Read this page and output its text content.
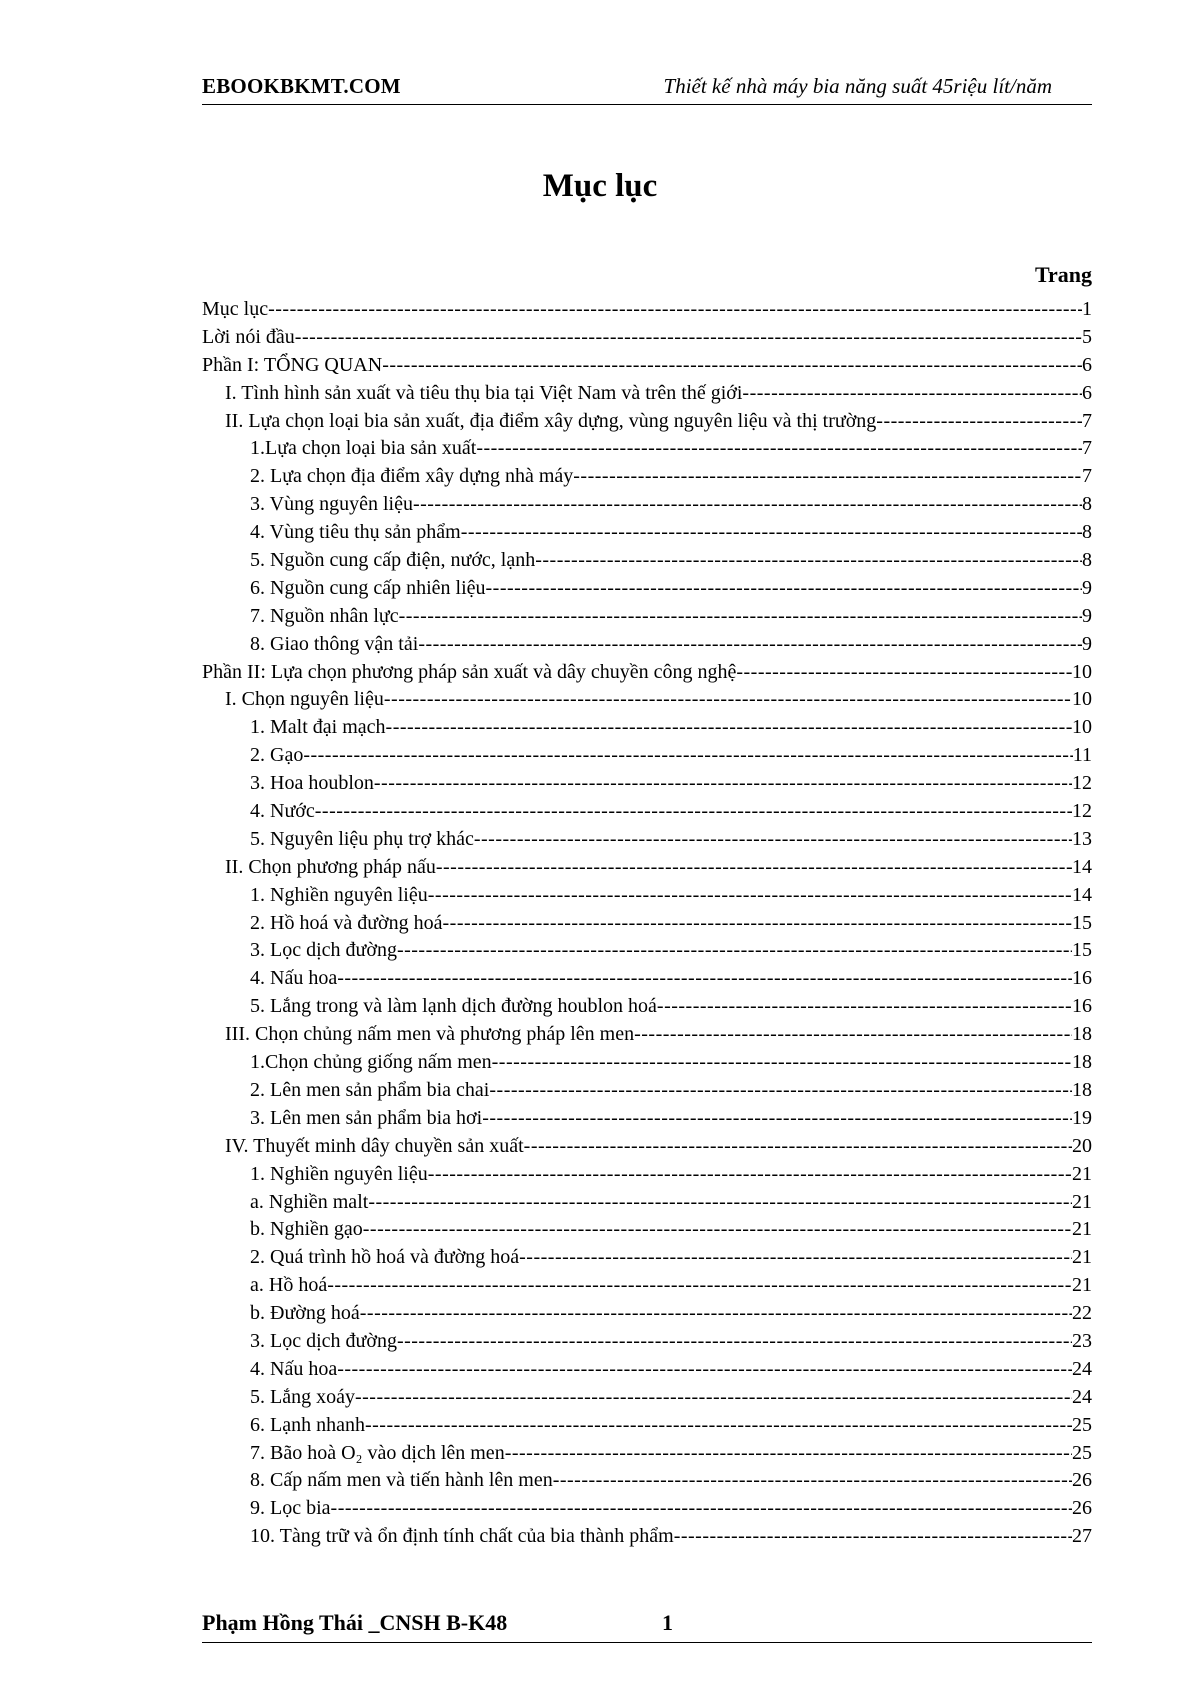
EBOOKBKMT.COM	Thiết kế nhà máy bia năng suất 45riệu lít/năm
Mục lục
Trang
Mục lục -----	1
Lời nói đầu -----	5
Phần I: TỔNG QUAN -----	6
I. Tình hình sản xuất và tiêu thụ bia tại Việt Nam và trên thế giới -----	6
II. Lựa chọn loại bia sản xuất, địa điểm xây dựng, vùng nguyên liệu và thị trường -----	7
1.Lựa chọn loại bia sản xuất -----	7
2. Lựa chọn địa điểm xây dựng nhà máy -----	7
3. Vùng nguyên liệu -----	8
4. Vùng tiêu thụ sản phẩm -----	8
5. Nguồn cung cấp điện, nước, lạnh -----	8
6. Nguồn cung cấp nhiên liệu -----	9
7. Nguồn nhân lực -----	9
8. Giao thông vận tải -----	9
Phần II: Lựa chọn phương pháp sản xuất và dây chuyền công nghệ -----	10
I. Chọn nguyên liệu -----	10
1. Malt đại mạch -----	10
2. Gạo -----	11
3. Hoa houblon -----	12
4. Nước -----	12
5. Nguyên liệu phụ trợ khác -----	13
II. Chọn phương pháp nấu -----	14
1. Nghiền nguyên liệu -----	14
2. Hồ hoá và đường hoá -----	15
3. Lọc dịch đường -----	15
4. Nấu hoa -----	16
5. Lắng trong và làm lạnh dịch đường houblon hoá -----	16
III. Chọn chủng nấm men và phương pháp lên men -----	18
1.Chọn chủng giống nấm men -----	18
2. Lên men sản phẩm bia chai -----	18
3. Lên men sản phẩm bia hơi -----	19
IV. Thuyết minh dây chuyền sản xuất -----	20
1. Nghiền nguyên liệu -----	21
a. Nghiền malt -----	21
b. Nghiền gạo -----	21
2. Quá trình hồ hoá và đường hoá -----	21
a. Hồ hoá -----	21
b. Đường hoá -----	22
3. Lọc dịch đường -----	23
4. Nấu hoa -----	24
5. Lắng xoáy -----	24
6. Lạnh nhanh -----	25
7. Bão hoà O₂ vào dịch lên men -----	25
8. Cấp nấm men và tiến hành lên men -----	26
9. Lọc bia -----	26
10. Tàng trữ và ổn định tính chất của bia thành phẩm -----	27
Phạm Hồng Thái _CNSH B-K48	1
